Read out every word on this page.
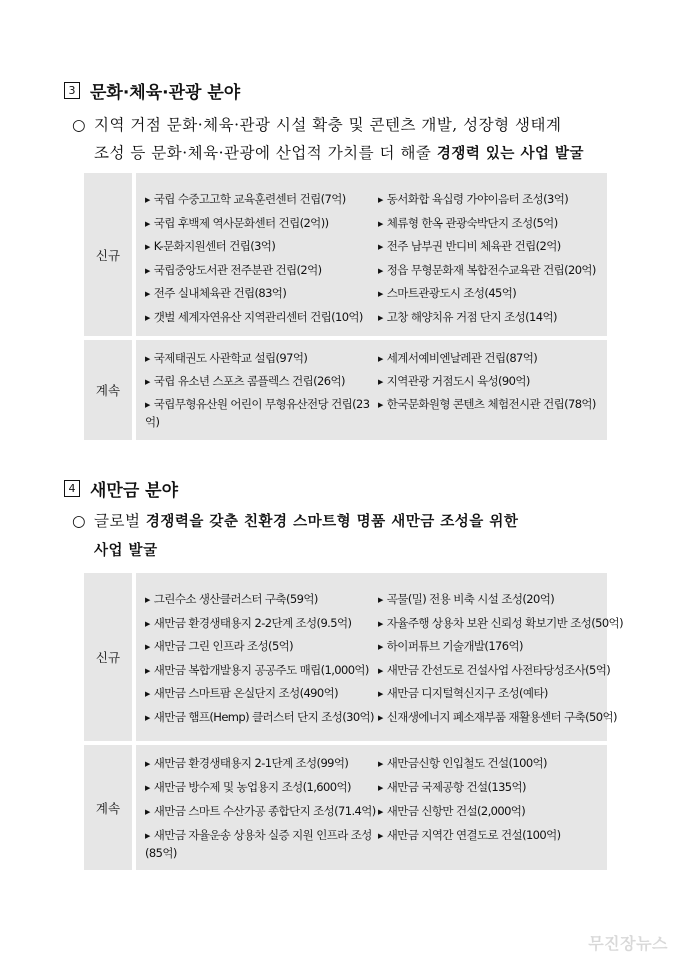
3 문화·체육·관광 분야
○ 지역 거점 문화·체육·관광 시설 확충 및 콘텐츠 개발, 성장형 생태계
조성 등 문화·체육·관광에 산업적 가치를 더 해줄 경쟁력 있는 사업 발굴
신규
▶ 국립 수중고고학 교육훈련센터 건립(7억)
▶ 국립 후백제 역사문화센터 건립(2억))
▶ K-문화지원센터 건립(3억)
▶ 국립중앙도서관 전주분관 건립(2억)
▶ 전주 실내체육관 건립(83억)
▶ 갯벌 세계자연유산 지역관리센터 건립(10억)
▶ 동서화합 육십령 가야이음터 조성(3억)
▶ 체류형 한옥 관광숙박단지 조성(5억)
▶ 전주 남부권 반디비 체육관 건립(2억)
▶ 정읍 무형문화재 복합전수교육관 건립(20억)
▶ 스마트관광도시 조성(45억)
▶ 고창 해양치유 거점 단지 조성(14억)
계속
▶ 국제태권도 사관학교 설립(97억)
▶ 국립 유소년 스포츠 콤플렉스 건립(26억)
▶ 국립무형유산원 어린이 무형유산전당 건립(23억)
▶ 세계서예비엔날레관 건립(87억)
▶ 지역관광 거점도시 육성(90억)
▶ 한국문화원형 콘텐츠 체험전시관 건립(78억)
4 새만금 분야
○ 글로벌 경쟁력을 갖춘 친환경 스마트형 명품 새만금 조성을 위한
사업 발굴
신규
▶ 그린수소 생산클러스터 구축(59억)
▶ 새만금 환경생태용지 2-2단계 조성(9.5억)
▶ 새만금 그린 인프라 조성(5억)
▶ 새만금 복합개발용지 공공주도 매립(1,000억)
▶ 새만금 스마트팜 온실단지 조성(490억)
▶ 새만금 햄프(Hemp) 클러스터 단지 조성(30억)
▶ 곡물(밀) 전용 비축 시설 조성(20억)
▶ 자율주행 상용차 보완 신뢰성 확보기반 조성(50억)
▶ 하이퍼튜브 기술개발(176억)
▶ 새만금 간선도로 건설사업 사전타당성조사(5억)
▶ 새만금 디지털혁신지구 조성(예타)
▶ 신재생에너지 폐소재부품 재활용센터 구축(50억)
계속
▶ 새만금 환경생태용지 2-1단계 조성(99억)
▶ 새만금 방수제 및 농업용지 조성(1,600억)
▶ 새만금 스마트 수산가공 종합단지 조성(71.4억)
▶ 새만금 자율운송 상용차 실증 지원 인프라 조성(85억)
▶ 새만금신항 인입철도 건설(100억)
▶ 새만금 국제공항 건설(135억)
▶ 새만금 신항만 건설(2,000억)
▶ 새만금 지역간 연결도로 건설(100억)
무진장뉴스
